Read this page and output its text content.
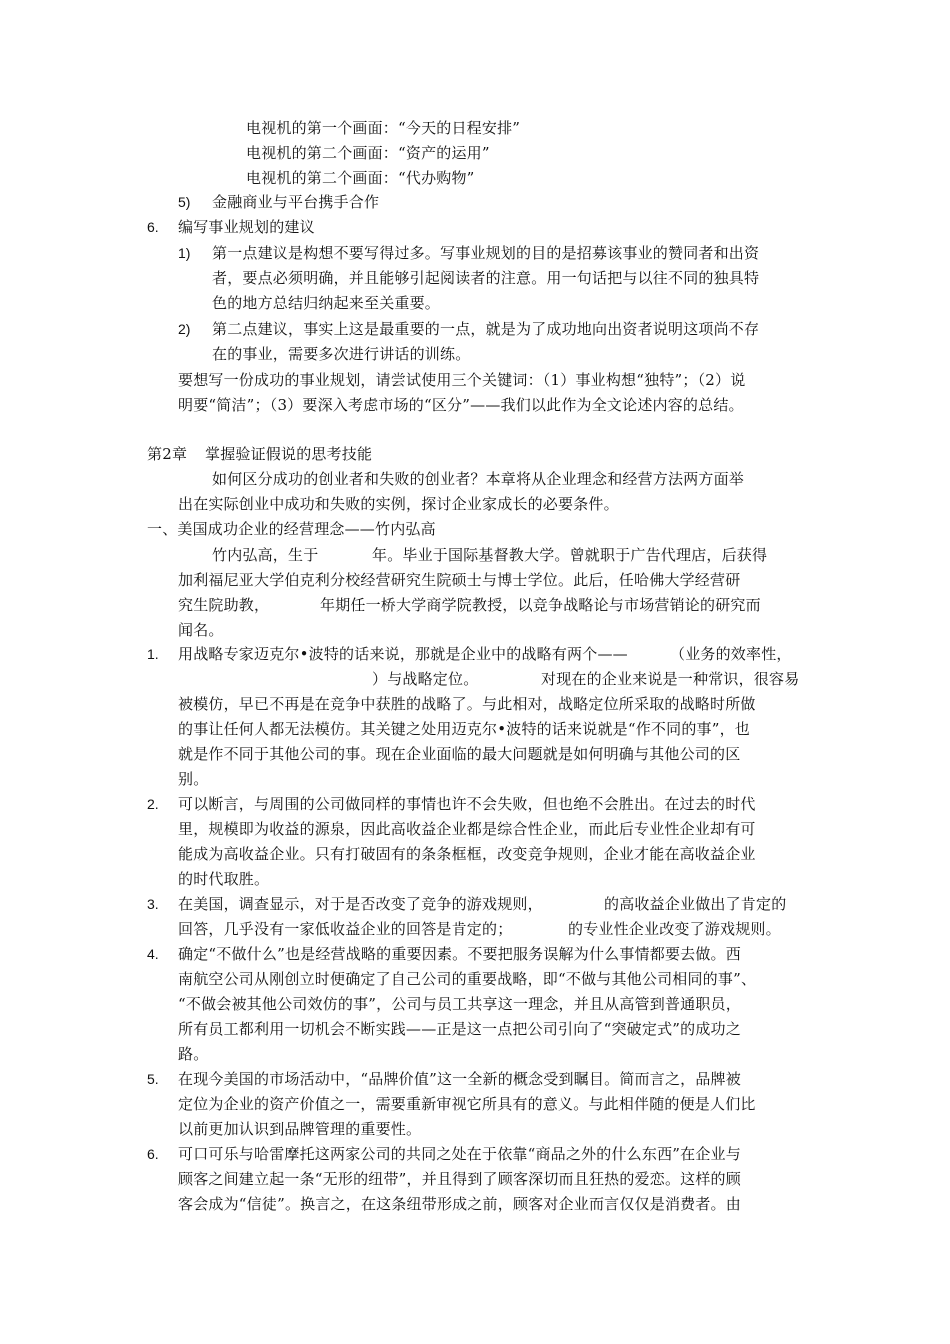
电视机的第一个画面：“今天的日程安排”
电视机的第二个画面：“资产的运用”
电视机的第二个画面：“代办购物”
5) 金融商业与平台携手合作
6. 编写事业规划的建议
1) 第一点建议是构想不要写得过多。写事业规划的目的是招募该事业的赞同者和出资
者，要点必须明确，并且能够引起阅读者的注意。用一句话把与以往不同的独具特
色的地方总结归纳起来至关重要。
2) 第二点建议，事实上这是最重要的一点，就是为了成功地向出资者说明这项尚不存
在的事业，需要多次进行讲话的训练。
要想写一份成功的事业规划，请尝试使用三个关键词：（1）事业构想“独特”；（2）说
明要“简洁”；（3）要深入考虑市场的“区分”——我们以此作为全文论述内容的总结。
第2章 掌握验证假说的思考技能
如何区分成功的创业者和失败的创业者？本章将从企业理念和经营方法两方面举
出在实际创业中成功和失败的实例，探讨企业家成长的必要条件。
一、美国成功企业的经营理念——竹内弘高
竹内弘高，生于	年。毕业于国际基督教大学。曾就职于广告代理店，后获得
加利福尼亚大学伯克利分校经营研究生院硕士与博士学位。此后，任哈佛大学经营研
究生院助教，	年期任一桥大学商学院教授，以竞争战略论与市场营销论的研究而
闻名。
1. 用战略专家迈克尔•波特的话来说，那就是企业中的战略有两个——	（业务的效率性，
）与战略定位。	对现在的企业来说是一种常识，很容易
被模仿，早已不再是在竞争中获胜的战略了。与此相对，战略定位所采取的战略时所做
的事让任何人都无法模仿。其关键之处用迈克尔•波特的话来说就是“作不同的事”，也
就是作不同于其他公司的事。现在企业面临的最大问题就是如何明确与其他公司的区
别。
2. 可以断言，与周围的公司做同样的事情也许不会失败，但也绝不会胜出。在过去的时代
里，规模即为收益的源泉，因此高收益企业都是综合性企业，而此后专业性企业却有可
能成为高收益企业。只有打破固有的条条框框，改变竞争规则，企业才能在高收益企业
的时代取胜。
3. 在美国，调查显示，对于是否改变了竞争的游戏规则，	的高收益企业做出了肯定的
回答，几乎没有一家低收益企业的回答是肯定的；	的专业性企业改变了游戏规则。
4. 确定“不做什么”也是经营战略的重要因素。不要把服务误解为什么事情都要去做。西
南航空公司从刚创立时便确定了自己公司的重要战略，即“不做与其他公司相同的事”、
“不做会被其他公司效仿的事”，公司与员工共享这一理念，并且从高管到普通职员，
所有员工都利用一切机会不断实践——正是这一点把公司引向了“突破定式”的成功之
路。
5. 在现今美国的市场活动中，“品牌价值”这一全新的概念受到瞩目。简而言之，品牌被
定位为企业的资产价值之一，需要重新审视它所具有的意义。与此相伴随的便是人们比
以前更加认识到品牌管理的重要性。
6. 可口可乐与哈雷摩托这两家公司的共同之处在于依靠“商品之外的什么东西”在企业与
顾客之间建立起一条“无形的纽带”，并且得到了顾客深切而且狂热的爱恋。这样的顾
客会成为“信徒”。换言之，在这条纽带形成之前，顾客对企业而言仅仅是消费者。由
